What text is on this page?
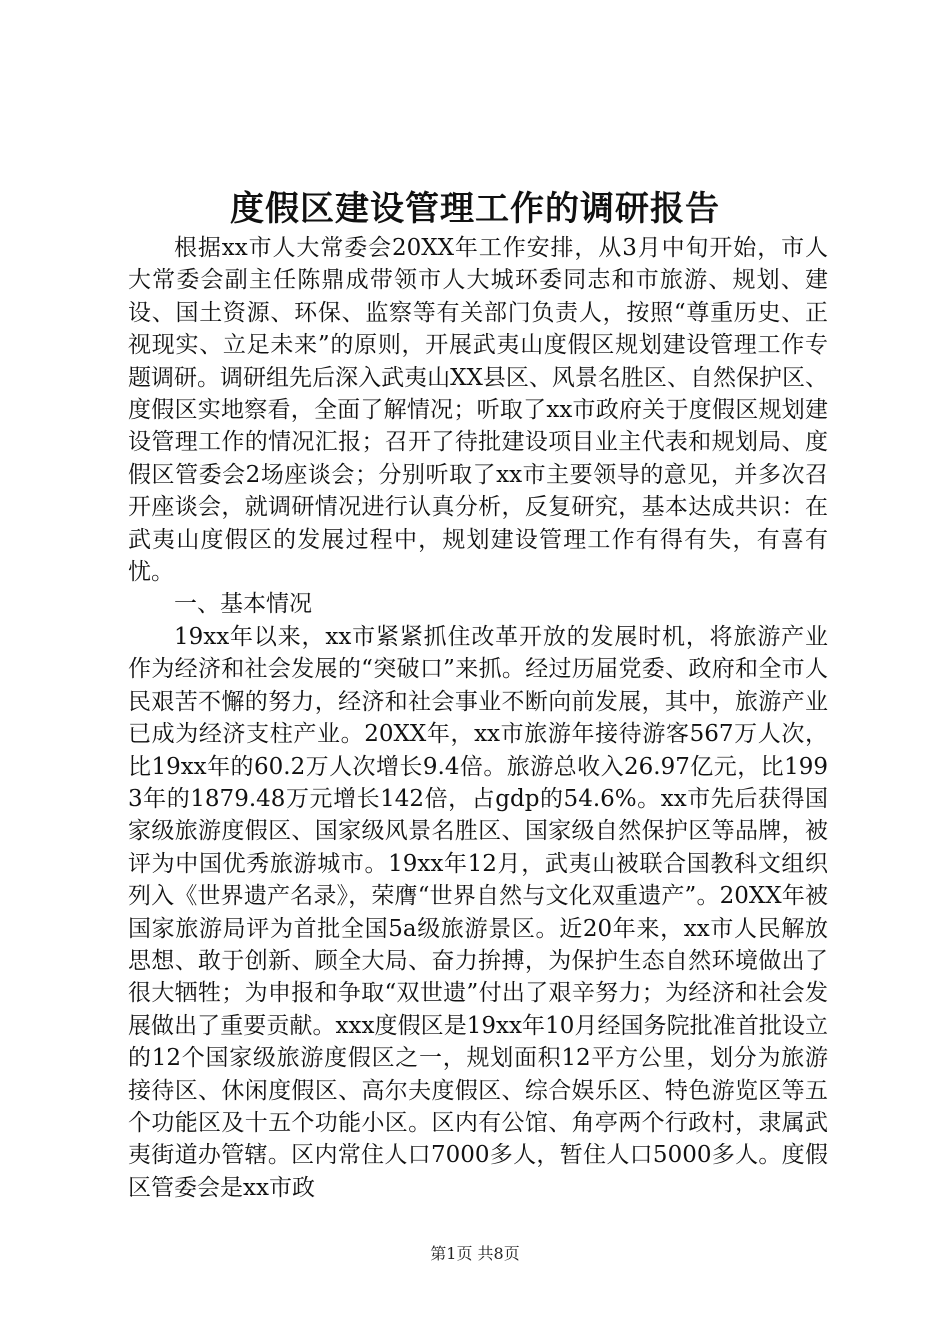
度假区建设管理工作的调研报告

根据xx市人大常委会20XX年工作安排，从3月中旬开始，市人大常委会副主任陈鼎成带领市人大城环委同志和市旅游、规划、建设、国土资源、环保、监察等有关部门负责人，按照“尊重历史、正视现实、立足未来”的原则，开展武夷山度假区规划建设管理工作专题调研。调研组先后深入武夷山XX县区、风景名胜区、自然保护区、度假区实地察看，全面了解情况；听取了xx市政府关于度假区规划建设管理工作的情况汇报；召开了待批建设项目业主代表和规划局、度假区管委会2场座谈会；分别听取了xx市主要领导的意见，并多次召开座谈会，就调研情况进行认真分析，反复研究，基本达成共识：在武夷山度假区的发展过程中，规划建设管理工作有得有失，有喜有忧。

一、基本情况

19xx年以来，xx市紧紧抓住改革开放的发展时机，将旅游产业作为经济和社会发展的“突破口”来抓。经过历届党委、政府和全市人民艰苦不懈的努力，经济和社会事业不断向前发展，其中，旅游产业已成为经济支柱产业。20XX年，xx市旅游年接待游客567万人次，比19xx年的60.2万人次增长9.4倍。旅游总收入26.97亿元，比1993年的1879.48万元增长142倍，占gdp的54.6%。xx市先后获得国家级旅游度假区、国家级风景名胜区、国家级自然保护区等品牌，被评为中国优秀旅游城市。19xx年12月，武夷山被联合国教科文组织列入《世界遗产名录》，荣膺“世界自然与文化双重遗产”。20XX年被国家旅游局评为首批全国5a级旅游景区。近20年来，xx市人民解放思想、敢于创新、顾全大局、奋力拚搏，为保护生态自然环境做出了很大牺牲；为申报和争取“双世遗”付出了艰辛努力；为经济和社会发展做出了重要贡献。xxx度假区是19xx年10月经国务院批准首批设立的12个国家级旅游度假区之一，规划面积12平方公里，划分为旅游接待区、休闲度假区、高尔夫度假区、综合娱乐区、特色游览区等五个功能区及十五个功能小区。区内有公馆、角亭两个行政村，隶属武夷街道办管辖。区内常住人口7000多人，暂住人口5000多人。度假区管委会是xx市政

第1页 共8页
